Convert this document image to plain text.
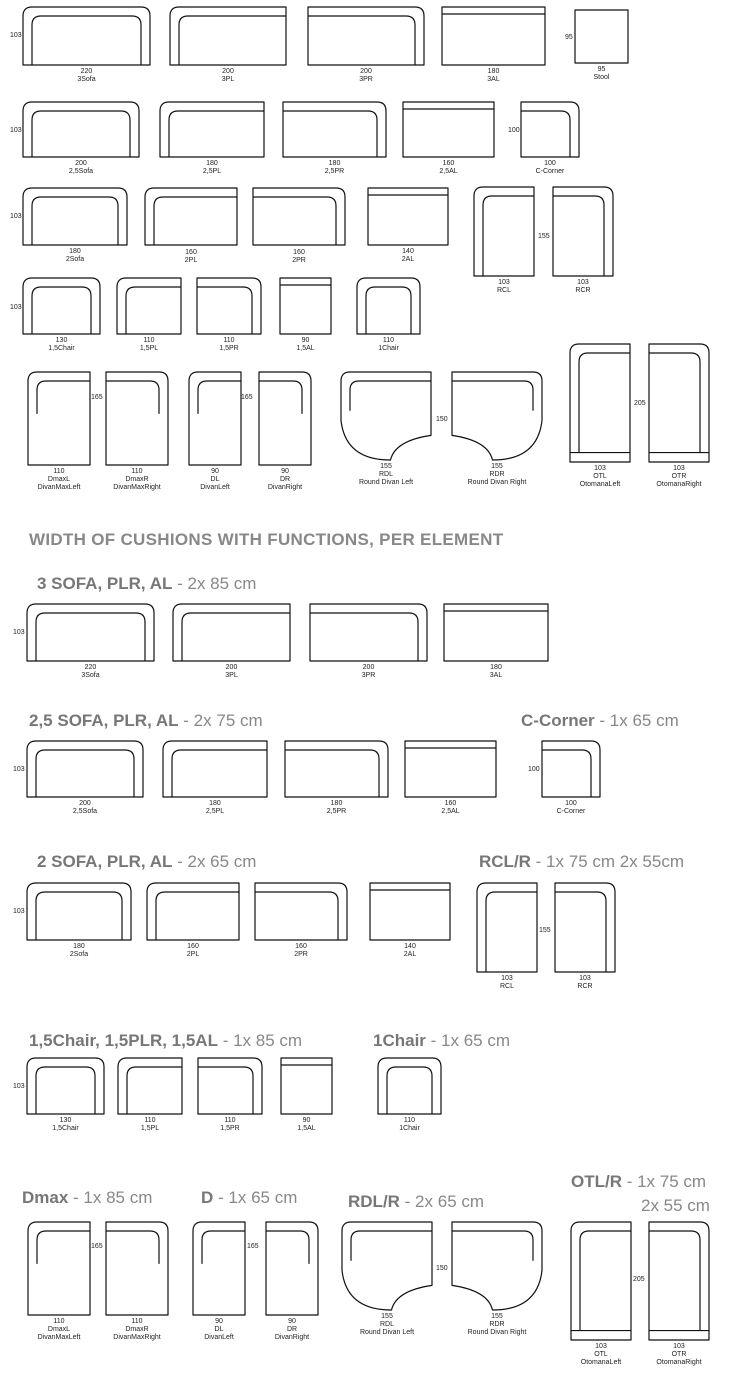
103
220
3Sofa
200
3PL
200
3PR
180
3AL
95
95
Stool
103
200
2,5Sofa
180
2,5PL
180
2,5PR
160
2,5AL
100
100
C-Corner
103
180
2Sofa
160
2PL
160
2PR
140
2AL
103
RCL
155
103
RCR
103
130
1,5Chair
110
1,5PL
110
1,5PR
90
1,5AL
110
1Chair
110
DmaxL
DivanMaxLeft
165
110
DmaxR
DivanMaxRight
90
DL
DivanLeft
165
90
DR
DivanRight
155
RDL
Round Divan Left
150
155
RDR
Round Divan Right
103
OTL
OtomanaLeft
205
103
OTR
OtomanaRight
103
220
3Sofa
200
3PL
200
3PR
180
3AL
103
200
2,5Sofa
180
2,5PL
180
2,5PR
160
2,5AL
100
100
C-Corner
103
180
2Sofa
160
2PL
160
2PR
140
2AL
103
RCL
155
103
RCR
103
130
1,5Chair
110
1,5PL
110
1,5PR
90
1,5AL
110
1Chair
110
DmaxL
DivanMaxLeft
165
110
DmaxR
DivanMaxRight
90
DL
DivanLeft
165
90
DR
DivanRight
155
RDL
Round Divan Left
150
155
RDR
Round Divan Right
103
OTL
OtomanaLeft
205
103
OTR
OtomanaRight
WIDTH OF CUSHIONS WITH FUNCTIONS, PER ELEMENT
3 SOFA, PLR, AL - 2x 85 cm
2,5 SOFA, PLR, AL - 2x 75 cm	C-Corner - 1x 65 cm
2 SOFA, PLR, AL - 2x 65 cm	RCL/R - 1x 75 cm 2x 55cm
1,5Chair, 1,5PLR, 1,5AL - 1x 85 cm	1Chair - 1x 65 cm
Dmax - 1x 85 cm	D - 1x 65 cm	RDL/R - 2x 65 cm
OTL/R - 1x 75 cm
2x 55 cm
